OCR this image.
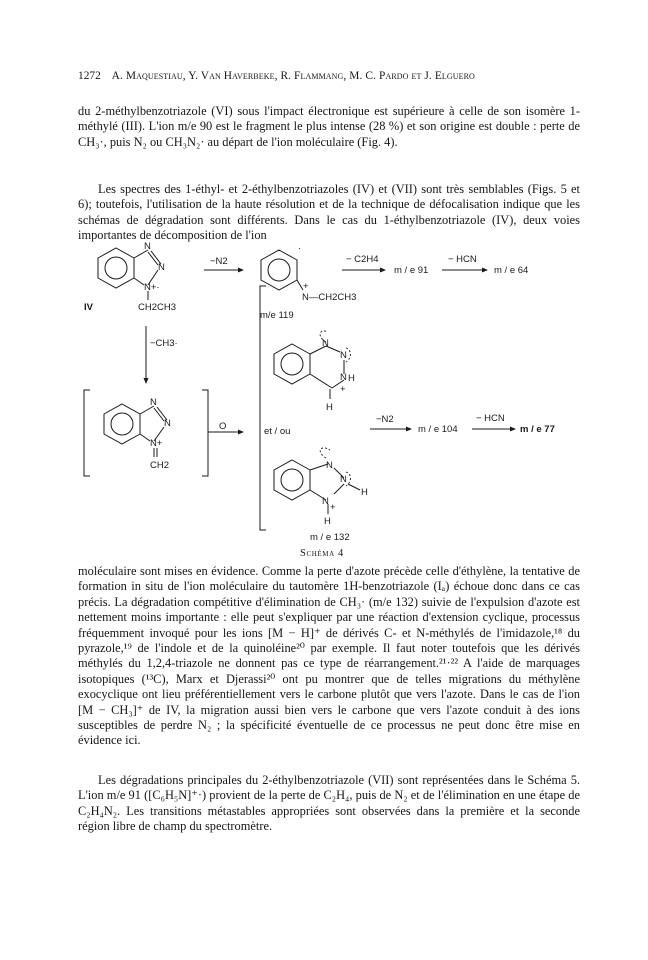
1272 A. Maquestiau, Y. Van Haverbeke, R. Flammang, M. C. Pardo et J. Elguero
du 2-méthylbenzotriazole (VI) sous l'impact électronique est supérieure à celle de son isomère 1-méthylé (III). L'ion m/e 90 est le fragment le plus intense (28 %) et son origine est double : perte de CH₃·, puis N₂ ou CH₃N₂· au départ de l'ion moléculaire (Fig. 4).
Les spectres des 1-éthyl- et 2-éthylbenzotriazoles (IV) et (VII) sont très semblables (Figs. 5 et 6); toutefois, l'utilisation de la haute résolution et de la technique de défocalisation indique que les schémas de dégradation sont différents. Dans le cas du 1-éthylbenzotriazole (IV), deux voies importantes de décomposition de l'ion
N
N
N+·
CH2CH3
IV
−N2
·
+
N—CH2CH3
m/e 119
− C2H4
m / e 91
− HCN
m / e 64
−CH3·
N
N
N+
CH2
O	et / ou
N
N
N H
+
H
−N2
m / e 104
− HCN
m / e 77
N
N
H
N
+
H
m / e 132
Schéma 4
moléculaire sont mises en évidence. Comme la perte d'azote précède celle d'éthylène, la tentative de formation in situ de l'ion moléculaire du tautomère 1H-benzotriazole (Iₐ) échoue donc dans ce cas précis. La dégradation compétitive d'élimination de CH₃· (m/e 132) suivie de l'expulsion d'azote est nettement moins importante : elle peut s'expliquer par une réaction d'extension cyclique, processus fréquemment invoqué pour les ions [M − H]⁺ de dérivés C- et N-méthylés de l'imidazole,¹⁸ du pyrazole,¹⁹ de l'indole et de la quinoléine²⁰ par exemple. Il faut noter toutefois que les dérivés méthylés du 1,2,4-triazole ne donnent pas ce type de réarrangement.²¹·²² A l'aide de marquages isotopiques (¹³C), Marx et Djerassi²⁰ ont pu montrer que de telles migrations du méthylène exocyclique ont lieu préférentiellement vers le carbone plutôt que vers l'azote. Dans le cas de l'ion [M − CH₃]⁺ de IV, la migration aussi bien vers le carbone que vers l'azote conduit à des ions susceptibles de perdre N₂ ; la spécificité éventuelle de ce processus ne peut donc être mise en évidence ici.
Les dégradations principales du 2-éthylbenzotriazole (VII) sont représentées dans le Schéma 5. L'ion m/e 91 ([C₆H₅N]⁺·) provient de la perte de C₂H₄, puis de N₂ et de l'élimination en une étape de C₂H₄N₂. Les transitions métastables appropriées sont observées dans la première et la seconde région libre de champ du spectromètre.
